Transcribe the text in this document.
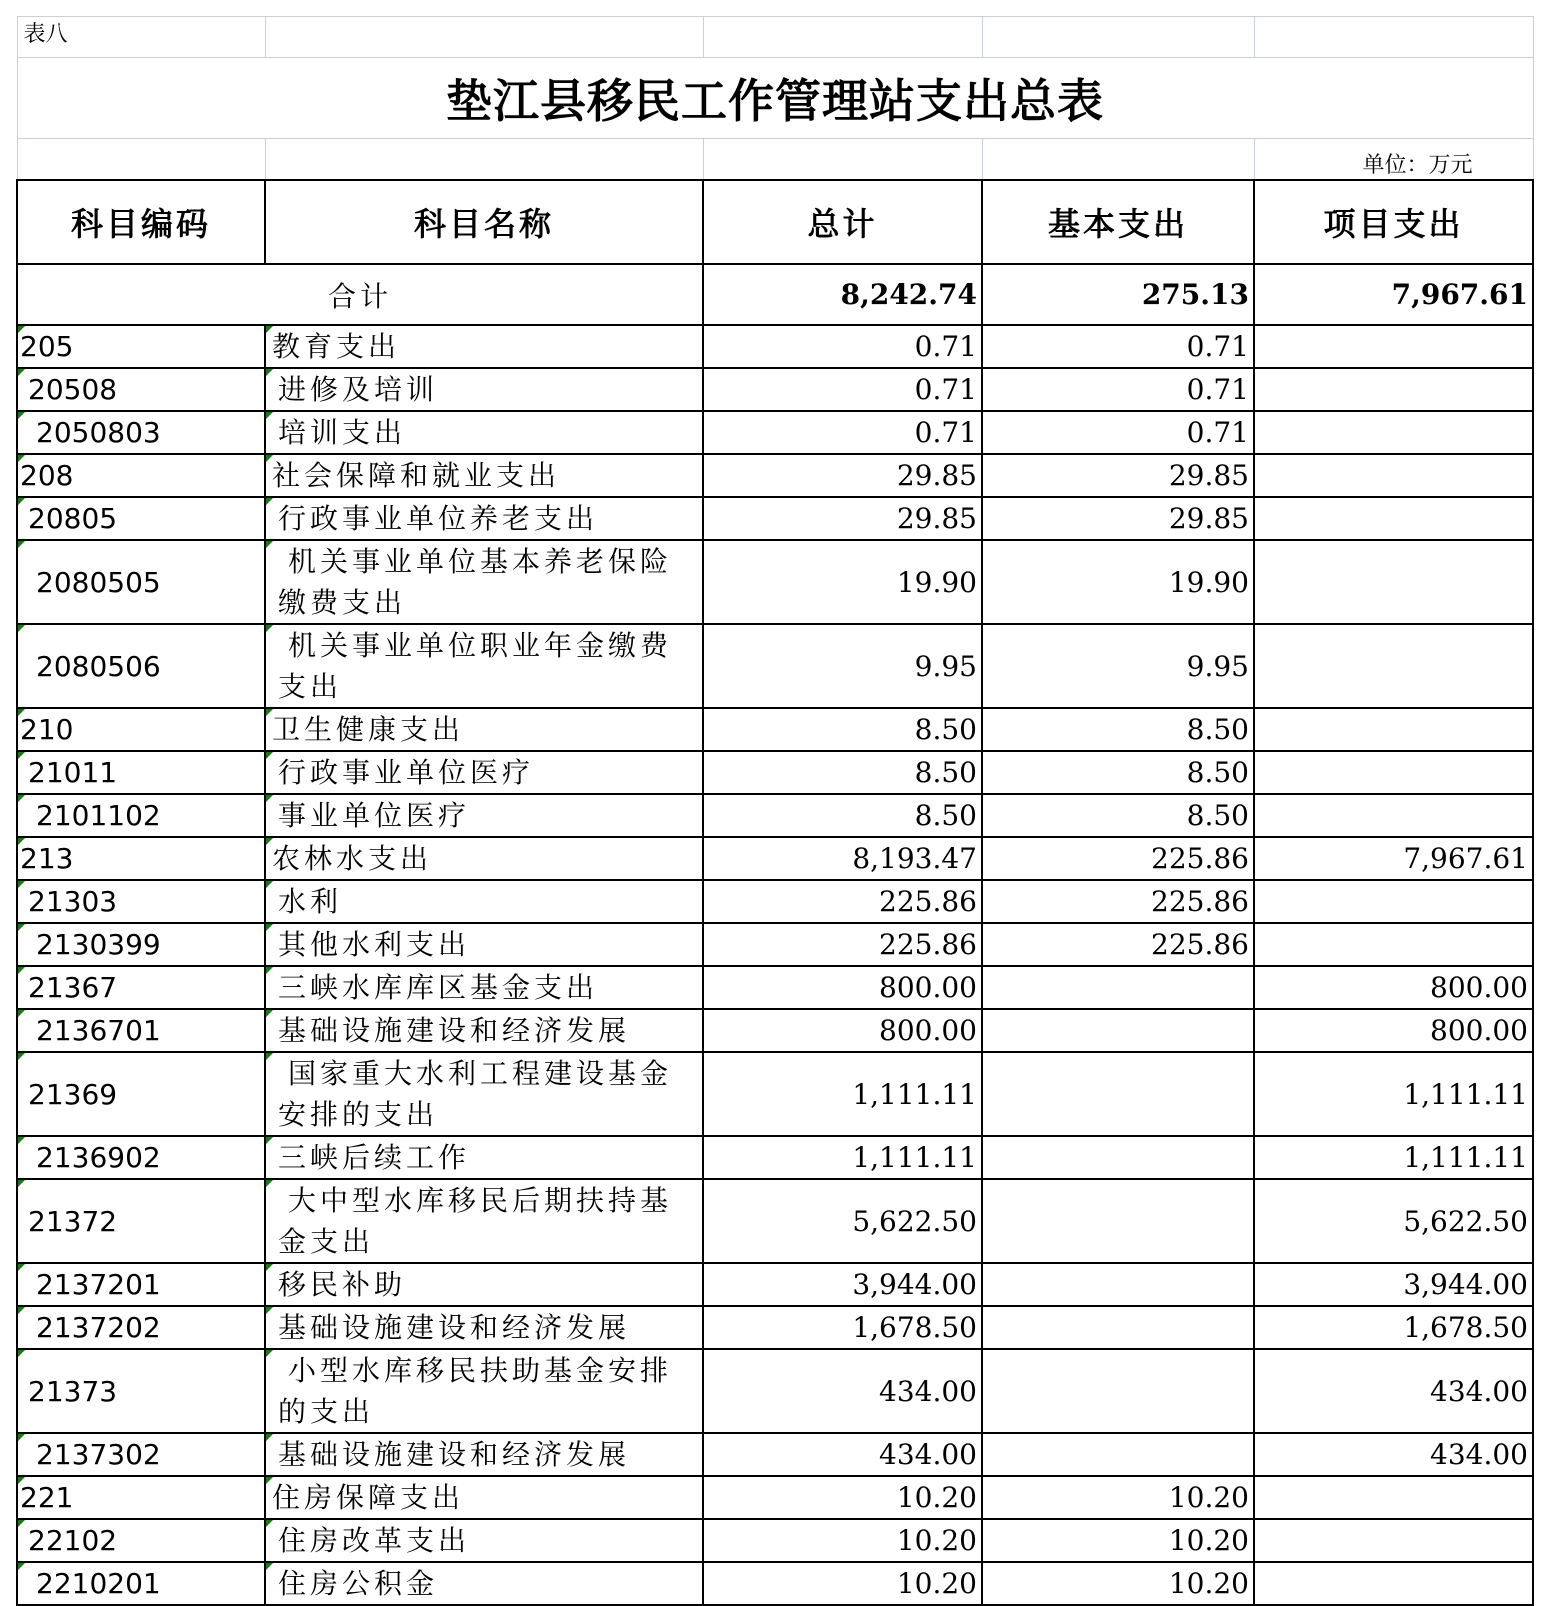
表八				
垫江县移民工作管理站支出总表				
				单位：万元
科目编码	科目名称	总计	基本支出	项目支出
合计		8,242.74	275.13	7,967.61
205	教育支出	0.71	0.71	
20508	进修及培训	0.71	0.71	
2050803	培训支出	0.71	0.71	
208	社会保障和就业支出	29.85	29.85	
20805	行政事业单位养老支出	29.85	29.85	
2080505	机关事业单位基本养老保险缴费支出	19.90	19.90	
2080506	机关事业单位职业年金缴费支出	9.95	9.95	
210	卫生健康支出	8.50	8.50	
21011	行政事业单位医疗	8.50	8.50	
2101102	事业单位医疗	8.50	8.50	
213	农林水支出	8,193.47	225.86	7,967.61
21303	水利	225.86	225.86	
2130399	其他水利支出	225.86	225.86	
21367	三峡水库库区基金支出	800.00		800.00
2136701	基础设施建设和经济发展	800.00		800.00
21369	国家重大水利工程建设基金安排的支出	1,111.11		1,111.11
2136902	三峡后续工作	1,111.11		1,111.11
21372	大中型水库移民后期扶持基金支出	5,622.50		5,622.50
2137201	移民补助	3,944.00		3,944.00
2137202	基础设施建设和经济发展	1,678.50		1,678.50
21373	小型水库移民扶助基金安排的支出	434.00		434.00
2137302	基础设施建设和经济发展	434.00		434.00
221	住房保障支出	10.20	10.20	
22102	住房改革支出	10.20	10.20	
2210201	住房公积金	10.20	10.20	
